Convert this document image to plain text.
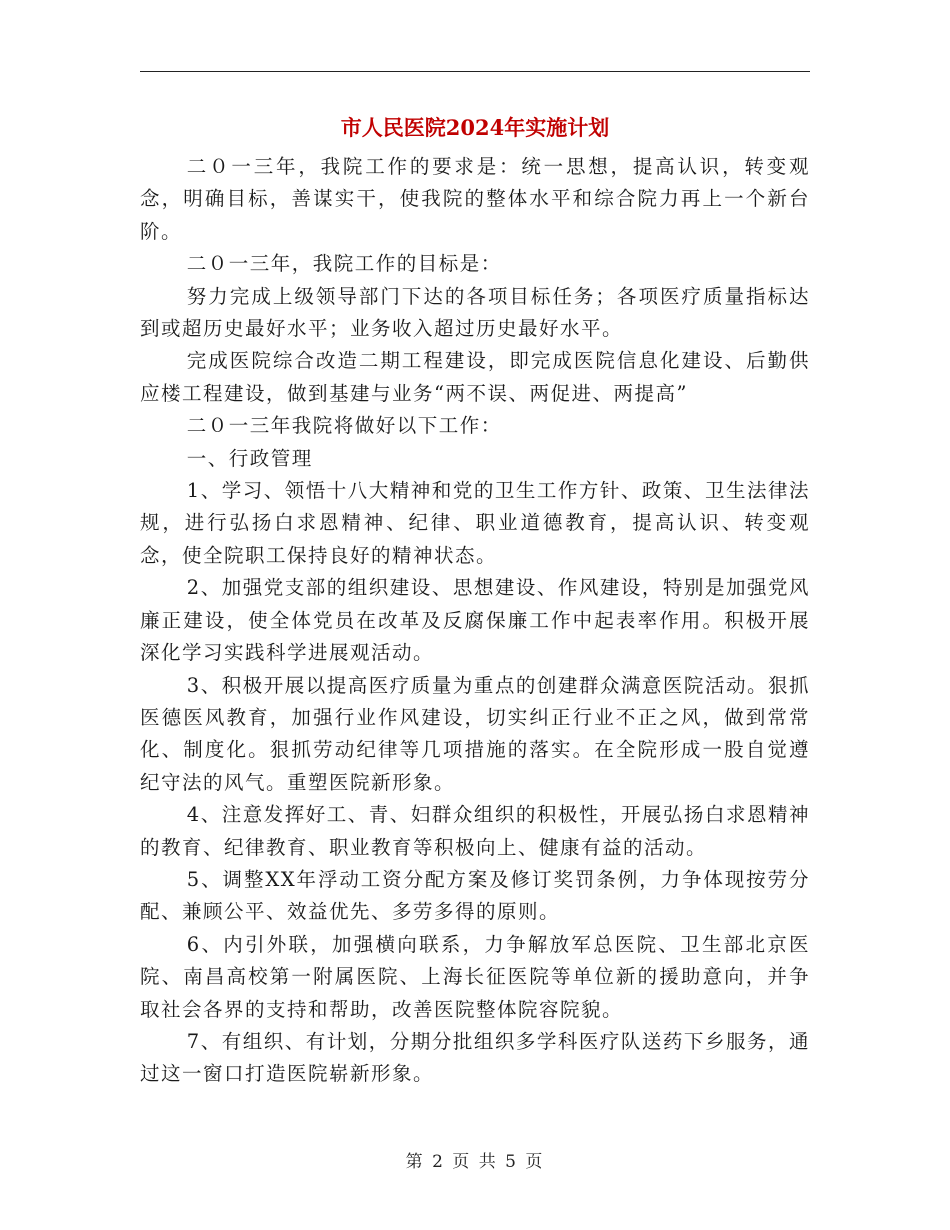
市人民医院2024年实施计划

二０一三年，我院工作的要求是：统一思想，提高认识，转变观念，明确目标，善谋实干，使我院的整体水平和综合院力再上一个新台阶。

二０一三年，我院工作的目标是：

努力完成上级领导部门下达的各项目标任务；各项医疗质量指标达到或超历史最好水平；业务收入超过历史最好水平。

完成医院综合改造二期工程建设，即完成医院信息化建设、后勤供应楼工程建设，做到基建与业务“两不误、两促进、两提高”

二０一三年我院将做好以下工作：

一、行政管理

1、学习、领悟十八大精神和党的卫生工作方针、政策、卫生法律法规，进行弘扬白求恩精神、纪律、职业道德教育，提高认识、转变观念，使全院职工保持良好的精神状态。

2、加强党支部的组织建设、思想建设、作风建设，特别是加强党风廉正建设，使全体党员在改革及反腐保廉工作中起表率作用。积极开展深化学习实践科学进展观活动。

3、积极开展以提高医疗质量为重点的创建群众满意医院活动。狠抓医德医风教育，加强行业作风建设，切实纠正行业不正之风，做到常常化、制度化。狠抓劳动纪律等几项措施的落实。在全院形成一股自觉遵纪守法的风气。重塑医院新形象。

4、注意发挥好工、青、妇群众组织的积极性，开展弘扬白求恩精神的教育、纪律教育、职业教育等积极向上、健康有益的活动。

5、调整XX年浮动工资分配方案及修订奖罚条例，力争体现按劳分配、兼顾公平、效益优先、多劳多得的原则。

6、内引外联，加强横向联系，力争解放军总医院、卫生部北京医院、南昌高校第一附属医院、上海长征医院等单位新的援助意向，并争取社会各界的支持和帮助，改善医院整体院容院貌。

7、有组织、有计划，分期分批组织多学科医疗队送药下乡服务，通过这一窗口打造医院崭新形象。

第 2 页 共 5 页
